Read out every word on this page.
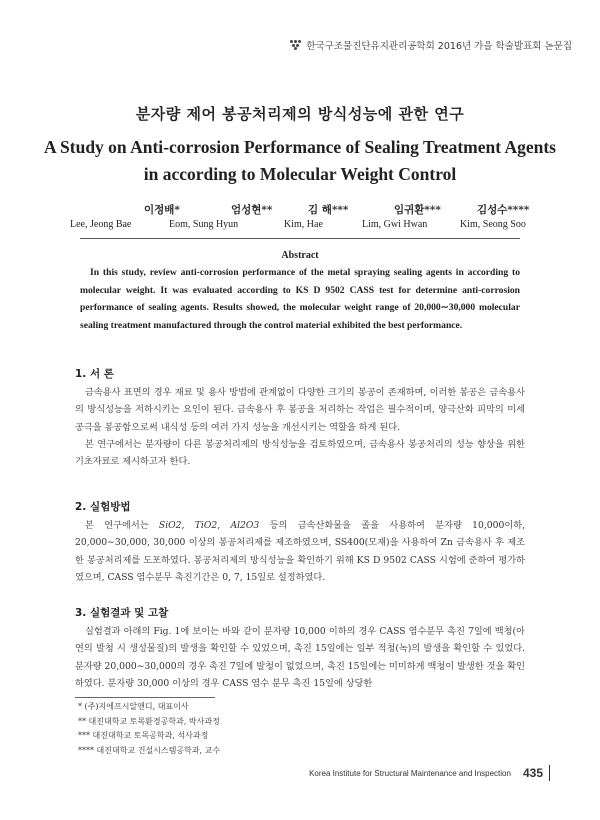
한국구조물진단유지관리공학회 2016년 가을 학술발표회 논문집
분자량 제어 봉공처리제의 방식성능에 관한 연구
A Study on Anti-corrosion Performance of Sealing Treatment Agents in according to Molecular Weight Control
이정배*	엄성현**	김 해***	임귀환***	김성수****
Lee, Jeong Bae	Eom, Sung Hyun	Kim, Hae	Lim, Gwi Hwan	Kim, Seong Soo
Abstract
In this study, review anti-corrosion performance of the metal spraying sealing agents in according to molecular weight. It was evaluated according to KS D 9502 CASS test for determine anti-corrosion performance of sealing agents. Results showed, the molecular weight range of 20,000∼30,000 molecular sealing treatment manufactured through the control material exhibited the best performance.
1. 서 론

금속용사 표면의 경우 재료 및 용사 방법에 관계없이 다양한 크기의 봉공이 존재하며, 이러한 봉공은 금속용사의 방식성능을 저하시키는 요인이 된다. 금속용사 후 봉공을 처리하는 작업은 필수적이며, 양극산화 피막의 미세공극을 봉공함으로써 내식성 등의 여러 가지 성능을 개선시키는 역할을 하게 된다.

본 연구에서는 분자량이 다른 봉공처리제의 방식성능을 검토하였으며, 금속용사 봉공처리의 성능 향상을 위한 기초자료로 제시하고자 한다.

2. 실험방법

본 연구에서는 SiO2, TiO2, Al2O3 등의 금속산화물을 졸을 사용하여 분자량 10,000이하, 20,000∼30,000, 30,000 이상의 봉공처리제를 제조하였으며, SS400(모재)을 사용하여 Zn 금속용사 후 제조한 봉공처리제를 도포하였다. 봉공처리제의 방식성능을 확인하기 위해 KS D 9502 CASS 시험에 준하여 평가하였으며, CASS 염수분무 촉진기간은 0, 7, 15일로 설정하였다.

3. 실험결과 및 고찰

실험결과 아래의 Fig. 1에 보이는 바와 같이 분자량 10,000 이하의 경우 CASS 염수분무 촉진 7일에 백청(아연의 발청 시 생성물질)의 발생을 확인할 수 있었으며, 촉진 15일에는 일부 적청(녹)의 발생을 확인할 수 있었다. 분자량 20,000∼30,000의 경우 촉진 7일에 발청이 없었으며, 촉진 15일에는 미미하게 백청이 발생한 것을 확인하였다. 분자량 30,000 이상의 경우 CASS 염수 분무 촉진 15일에 상당한

* (주)지에프시알앤디, 대표이사
** 대진대학교 토목환경공학과, 박사과정
*** 대진대학교 토목공학과, 석사과정
**** 대진대학교 건설시스템공학과, 교수
Korea Institute for Structural Maintenance and Inspection 435
